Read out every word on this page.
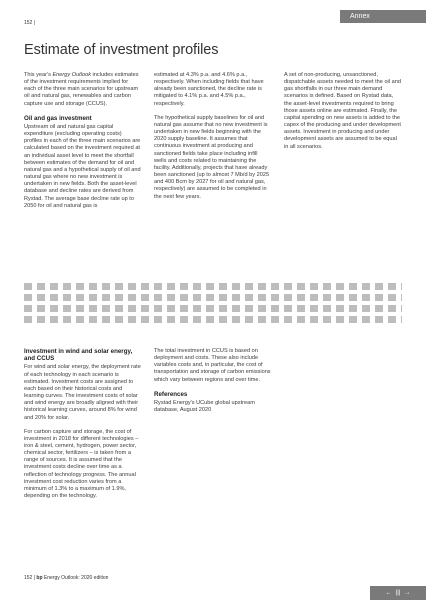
Annex
152 |
Estimate of investment profiles

This year's Energy Outlook includes estimates of the investment requirements implied for each of the three main scenarios for upstream oil and natural gas, renewables and carbon capture use and storage (CCUS).

Oil and gas investment

Upstream oil and natural gas capital expenditure (excluding operating costs) profiles in each of the three main scenarios are calculated based on the investment required at an individual asset level to meet the shortfall between estimates of the demand for oil and natural gas and a hypothetical supply of oil and natural gas where no new investment is undertaken in new fields. Both the asset-level database and decline rates are derived from Rystad. The average base decline rate up to 2050 for oil and natural gas is

estimated at 4.3% p.a. and 4.6% p.a., respectively. When including fields that have already been sanctioned, the decline rate is mitigated to 4.1% p.a. and 4.5% p.a., respectively.

The hypothetical supply baselines for oil and natural gas assume that no new investment is undertaken in new fields beginning with the 2020 supply baseline. It assumes that continuous investment at producing and sanctioned fields take place including infill wells and costs related to maintaining the facility. Additionally, projects that have already been sanctioned (up to almost 7 Mb/d by 2025 and 400 Bcm by 2027 for oil and natural gas, respectively) are assumed to be completed in the next few years.

A set of non-producing, unsanctioned, dispatchable assets needed to meet the oil and gas shortfalls in our three main demand scenarios is defined. Based on Rystad data, the asset-level investments required to bring those assets online are estimated. Finally, the capital spending on new assets is added to the capex of the producing and under development assets. Investment in producing and under development assets are assumed to be equal in all scenarios.

Investment in wind and solar energy, and CCUS

For wind and solar energy, the deployment rate of each technology in each scenario is estimated. Investment costs are assigned to each based on their historical costs and learning curves. The investment costs of solar and wind energy are broadly aligned with their historical learning curves, around 8% for wind and 20% for solar.

For carbon capture and storage, the cost of investment in 2018 for different technologies – iron & steel, cement, hydrogen, power sector, chemical sector, fertilizers – is taken from a range of sources. It is assumed that the investment costs decline over time as a reflection of technology progress. The annual investment cost reduction varies from a minimum of 1.3% to a maximum of 1.9%, depending on the technology.

The total investment in CCUS is based on deployment and costs. These also include variables costs and, in particular, the cost of transportation and storage of carbon emissions which vary between regions and over time.

References

Rystad Energy's UCube global upstream database, August 2020

152 | bp Energy Outlook: 2020 edition
← ||| →
